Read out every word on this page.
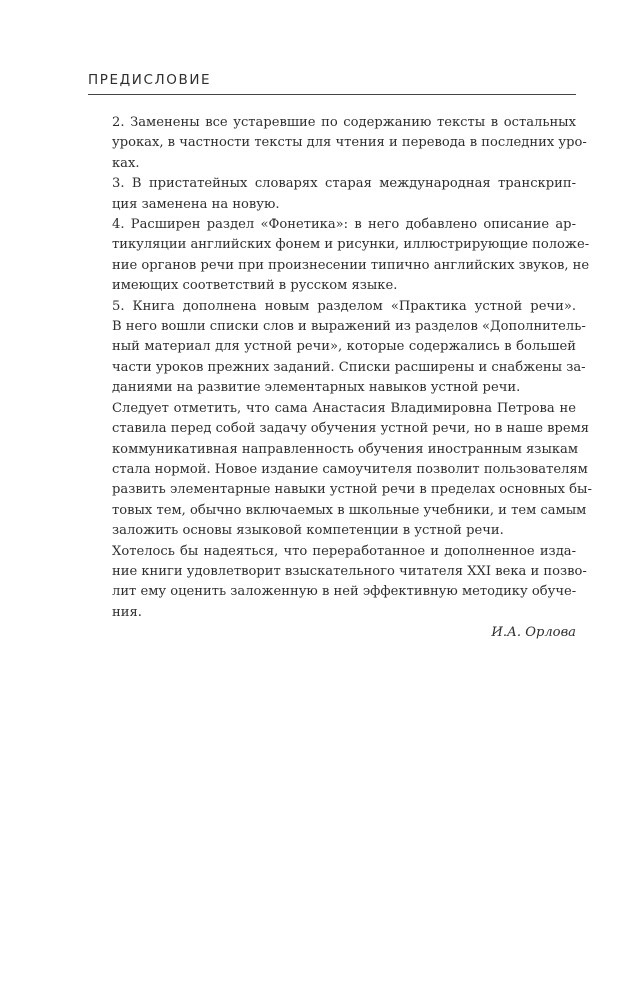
ПРЕДИСЛОВИЕ
2. Заменены все устаревшие по содержанию тексты в остальных
уроках, в частности тексты для чтения и перевода в последних уро-
ках.
3. В пристатейных словарях старая международная транскрип-
ция заменена на новую.
4. Расширен раздел «Фонетика»: в него добавлено описание ар-
тикуляции английских фонем и рисунки, иллюстрирующие положе-
ние органов речи при произнесении типично английских звуков, не
имеющих соответствий в русском языке.
5. Книга дополнена новым разделом «Практика устной речи».
В него вошли списки слов и выражений из разделов «Дополнитель-
ный материал для устной речи», которые содержались в большей
части уроков прежних заданий. Списки расширены и снабжены за-
даниями на развитие элементарных навыков устной речи.
Следует отметить, что сама Анастасия Владимировна Петрова не
ставила перед собой задачу обучения устной речи, но в наше время
коммуникативная направленность обучения иностранным языкам
стала нормой. Новое издание самоучителя позволит пользователям
развить элементарные навыки устной речи в пределах основных бы-
товых тем, обычно включаемых в школьные учебники, и тем самым
заложить основы языковой компетенции в устной речи.
Хотелось бы надеяться, что переработанное и дополненное изда-
ние книги удовлетворит взыскательного читателя XXI века и позво-
лит ему оценить заложенную в ней эффективную методику обуче-
ния.
И.А. Орлова
